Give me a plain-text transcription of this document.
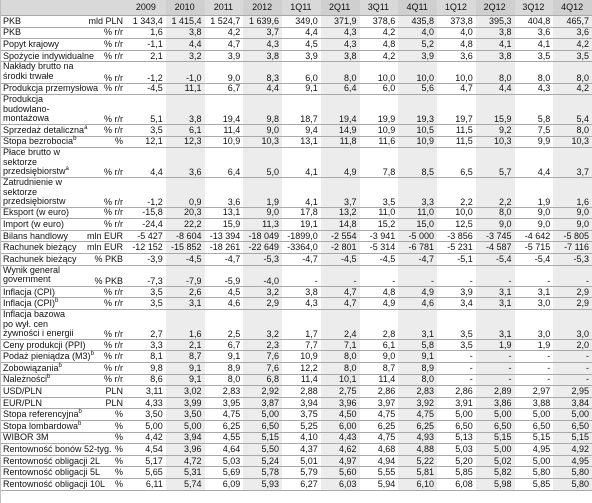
		2009	2010	2011	2012	1Q11	2Q11	3Q11	4Q11	1Q12	2Q12	3Q12	4Q12
PKB	mld PLN	1 343,4	1 415,4	1 524,7	1 639,6	349,0	371,9	378,6	435,8	373,8	395,3	404,8	465,7
PKB	% r/r	1,6	3,8	4,2	3,7	4,4	4,3	4,2	4,0	4,0	3,8	3,6	3,6
Popyt krajowy	% r/r	-1,1	4,4	4,7	4,3	4,5	4,3	4,8	5,2	4,8	4,1	4,1	4,2
Spożycie indywidualne	% r/r	2,1	3,2	3,9	3,8	3,9	3,8	4,2	3,9	3,6	3,8	3,5	3,5
Nakłady brutto na środki trwałe	% r/r	-1,2	-1,0	9,0	8,3	6,0	8,0	10,0	10,0	10,0	8,0	8,0	8,0
Produkcja przemysłowa	% r/r	-4,5	11,1	6,7	4,4	9,1	6,4	6,0	5,6	4,7	4,4	4,3	4,2
Produkcja budowlano-montażowa	% r/r	5,1	3,8	19,4	9,8	18,7	19,4	19,9	19,3	19,7	15,9	5,8	5,4
Sprzedaż detaliczna$^a$	% r/r	3,5	6,1	11,4	9,0	9,4	14,9	10,9	10,5	11,5	9,2	7,5	8,0
Stopa bezrobocia$^b$	%	12,1	12,3	10,9	10,3	13,1	11,8	11,6	10,9	11,5	10,3	9,9	10,3
Płace brutto w sektorze przedsiębiorstw$^a$	% r/r	4,4	3,6	6,4	5,0	4,1	4,9	7,8	8,5	6,5	5,7	4,4	3,7
Zatrudnienie w sektorze przedsiębiorstw	% r/r	-1,2	0,9	3,6	1,9	4,1	3,7	3,5	3,3	2,2	2,2	1,9	1,6
Eksport (w euro)	% r/r	-15,8	20,3	13,1	9,0	17,8	13,2	11,0	11,0	10,0	8,0	9,0	9,0
Import (w euro)	% r/r	-24,4	22,2	15,9	11,3	19,1	14,8	15,2	15,0	12,5	9,0	9,0	9,0
Bilans handlowy	mln EUR	-5 427	-8 604	-13 394	-18 049	-1899,0	-2 554	-3 941	-5 000	-3 856	-3 745	-4 642	-5 805
Rachunek bieżący	mln EUR	-12 152	-15 852	-18 261	-22 649	-3364,0	-2 801	-5 314	-6 781	-5 231	-4 587	-5 715	-7 116
Rachunek bieżący	% PKB	-3,9	-4,5	-4,7	-5,3	-4,7	-4,5	-4,5	-4,7	-5,1	-5,4	-5,4	-5,3
Wynik general government	% PKB	-7,3	-7,9	-5,9	-4,0	-	-	-	-	-	-	-	-
Inflacja (CPI)	% r/r	3,5	2,6	4,5	3,2	3,8	4,7	4,8	4,9	3,9	3,1	3,1	2,9
Inflacja (CPI)$^b$	% r/r	3,5	3,1	4,6	2,9	4,3	4,7	4,9	4,6	3,4	3,1	3,0	2,9
Inflacja bazowa po wył. cen żywności i energii	% r/r	2,7	1,6	2,5	3,2	1,7	2,4	2,8	3,1	3,5	3,1	3,0	3,0
Ceny produkcji (PPI)	% r/r	3,3	2,1	6,7	2,3	7,7	7,1	6,1	5,8	3,5	1,9	1,9	2,0
Podaż pieniądza $(M3)^b$	% r/r	8,1	8,7	9,1	7,6	10,9	8,0	9,0	9,1	-	-	-	-
Zobowiązania$^b$	% r/r	9,8	9,1	8,9	7,6	12,2	8,0	8,7	8,9	-	-	-	-
Należności$^b$	% r/r	8,6	9,1	8,0	6,8	11,4	10,1	11,4	8,0	-	-	-	-
USD/PLN	PLN	3,11	3,02	2,83	2,92	2,88	2,75	2,86	2,83	2,86	2,89	2,97	2,95
EUR/PLN	PLN	4,33	3,99	3,95	3,87	3,94	3,96	3,97	3,92	3,91	3,86	3,88	3,84
Stopa referencyjna$^b$	%	3,50	3,50	4,75	5,00	3,75	4,50	4,75	4,75	5,00	5,00	5,00	5,00
Stopa lombardowa$^b$	%	5,00	5,00	6,25	6,50	5,25	6,00	6,25	6,25	6,50	6,50	6,50	6,50
WIBOR 3M	%	4,42	3,94	4,55	5,15	4,10	4,43	4,75	4,93	5,13	5,15	5,15	5,15
Rentowność bonów 52-tyg.	%	4,54	3,96	4,64	5,50	4,37	4,62	4,68	4,88	5,03	5,00	4,95	4,92
Rentowność obligacji 2L	%	5,17	4,72	5,03	5,24	5,01	4,97	4,94	5,22	5,20	5,02	5,00	4,95
Rentowność obligacji 5L	%	5,65	5,31	5,69	5,78	5,79	5,60	5,55	5,81	5,85	5,82	5,80	5,80
Rentowność obligacji 10L	%	6,11	5,74	6,09	5,93	6,27	6,03	5,94	6,10	6,08	5,98	5,85	5,80
